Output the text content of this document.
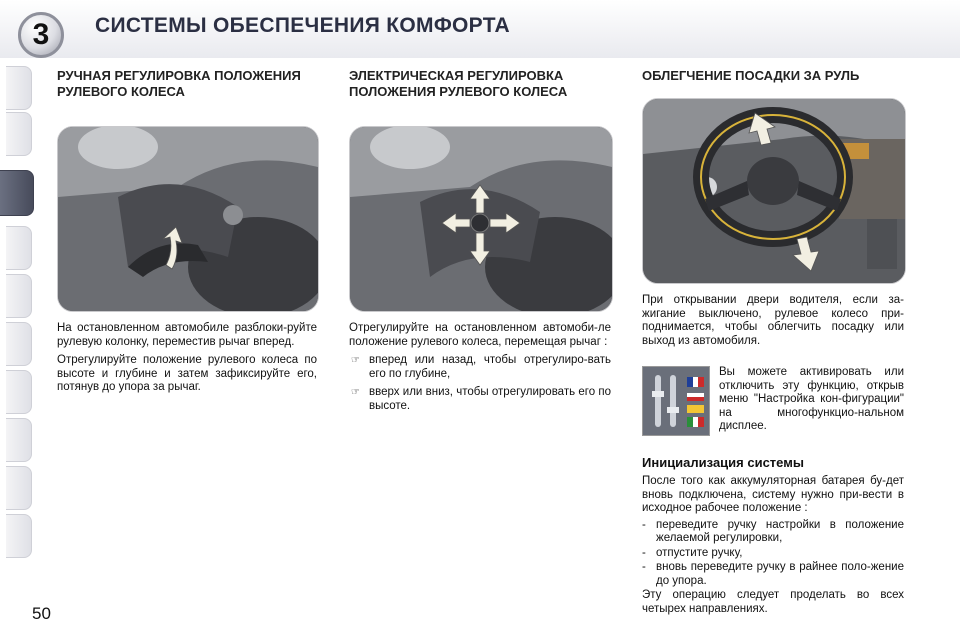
3	СИСТЕМЫ ОБЕСПЕЧЕНИЯ КОМФОРТА
50
РУЧНАЯ РЕГУЛИРОВКА ПОЛОЖЕНИЯ РУЛЕВОГО КОЛЕСА

На остановленном автомобиле разблоки-руйте рулевую колонку, переместив рычаг вперед.

Отрегулируйте положение рулевого колеса по высоте и глубине и затем зафиксируйте его, потянув до упора за рычаг.

ЭЛЕКТРИЧЕСКАЯ РЕГУЛИРОВКА ПОЛОЖЕНИЯ РУЛЕВОГО КОЛЕСА

Отрегулируйте на остановленном автомоби-ле положение рулевого колеса, перемещая рычаг :

☞ вперед или назад, чтобы отрегулиро-вать его по глубине,
☞ вверх или вниз, чтобы отрегулировать его по высоте.
ОБЛЕГЧЕНИЕ ПОСАДКИ ЗА РУЛЬ

При открывании двери водителя, если за-жигание выключено, рулевое колесо при-поднимается, чтобы облегчить посадку или выход из автомобиля.

Вы можете активировать или отключить эту функцию, открыв меню "Настройка кон-фигурации" на многофункцио-нальном дисплее.

Инициализация системы

После того как аккумуляторная батарея бу-дет вновь подключена, систему нужно при-вести в исходное рабочее положение :

- переведите ручку настройки в положение желаемой регулировки,
- отпустите ручку,
- вновь переведите ручку в райнее поло-жение до упора.

Эту операцию следует проделать во всех четырех направлениях.
